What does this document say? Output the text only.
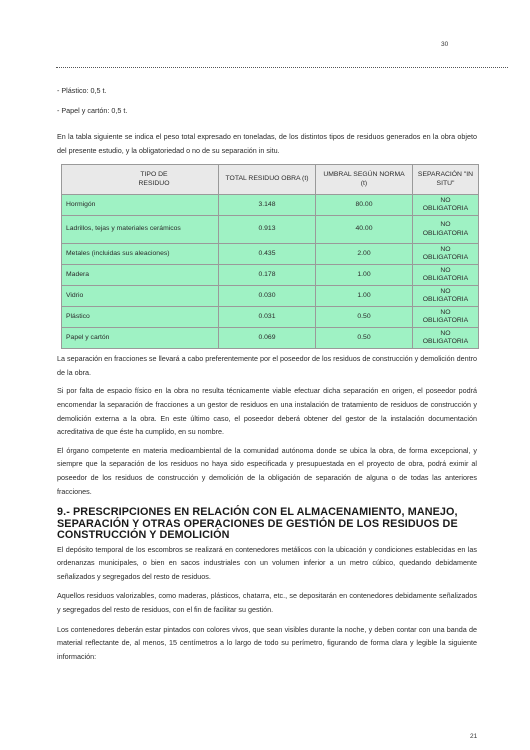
30

- Plástico: 0,5 t.

- Papel y cartón: 0,5 t.

En la tabla siguiente se indica el peso total expresado en toneladas, de los distintos tipos de residuos generados en la obra objeto del presente estudio, y la obligatoriedad o no de su separación in situ.

TIPO DE RESIDUO	TOTAL RESIDUO OBRA (t)	UMBRAL SEGÚN NORMA (t)	SEPARACIÓN "IN SITU"
Hormigón	3.148	80.00	NO OBLIGATORIA
Ladrillos, tejas y materiales cerámicos	0.913	40.00	NO OBLIGATORIA
Metales (incluidas sus aleaciones)	0.435	2.00	NO OBLIGATORIA
Madera	0.178	1.00	NO OBLIGATORIA
Vidrio	0.030	1.00	NO OBLIGATORIA
Plástico	0.031	0.50	NO OBLIGATORIA
Papel y cartón	0.069	0.50	NO OBLIGATORIA

La separación en fracciones se llevará a cabo preferentemente por el poseedor de los residuos de construcción y demolición dentro de la obra.

Si por falta de espacio físico en la obra no resulta técnicamente viable efectuar dicha separación en origen, el poseedor podrá encomendar la separación de fracciones a un gestor de residuos en una instalación de tratamiento de residuos de construcción y demolición externa a la obra. En este último caso, el poseedor deberá obtener del gestor de la instalación documentación acreditativa de que éste ha cumplido, en su nombre.

El órgano competente en materia medioambiental de la comunidad autónoma donde se ubica la obra, de forma excepcional, y siempre que la separación de los residuos no haya sido especificada y presupuestada en el proyecto de obra, podrá eximir al poseedor de los residuos de construcción y demolición de la obligación de separación de alguna o de todas las anteriores fracciones.

9.- PRESCRIPCIONES EN RELACIÓN CON EL ALMACENAMIENTO, MANEJO, SEPARACIÓN Y OTRAS OPERACIONES DE GESTIÓN DE LOS RESIDUOS DE CONSTRUCCIÓN Y DEMOLICIÓN

El depósito temporal de los escombros se realizará en contenedores metálicos con la ubicación y condiciones establecidas en las ordenanzas municipales, o bien en sacos industriales con un volumen inferior a un metro cúbico, quedando debidamente señalizados y segregados del resto de residuos.

Aquellos residuos valorizables, como maderas, plásticos, chatarra, etc., se depositarán en contenedores debidamente señalizados y segregados del resto de residuos, con el fin de facilitar su gestión.

Los contenedores deberán estar pintados con colores vivos, que sean visibles durante la noche, y deben contar con una banda de material reflectante de, al menos, 15 centímetros a lo largo de todo su perímetro, figurando de forma clara y legible la siguiente información:

21
